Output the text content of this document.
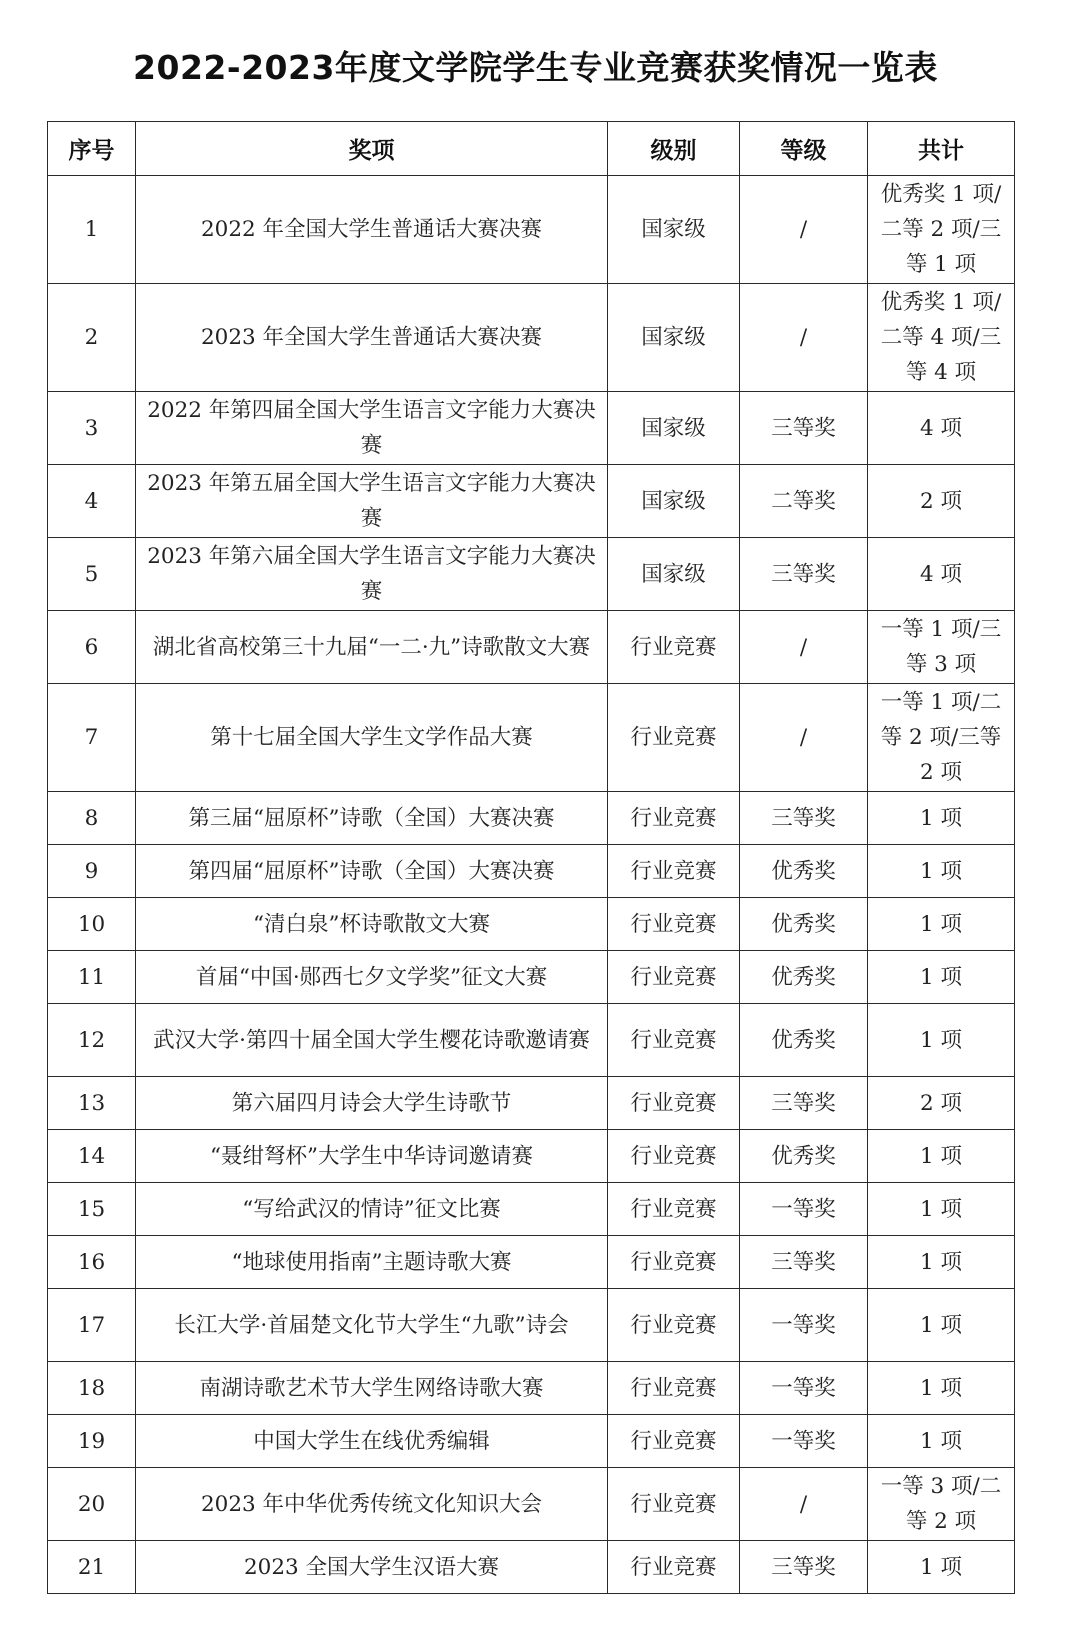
2022-2023年度文学院学生专业竞赛获奖情况一览表
序号	奖项	级别	等级	共计
1	2022 年全国大学生普通话大赛决赛	国家级	/	优秀奖 1 项/二等 2 项/三等 1 项
2	2023 年全国大学生普通话大赛决赛	国家级	/	优秀奖 1 项/二等 4 项/三等 4 项
3	2022 年第四届全国大学生语言文字能力大赛决赛	国家级	三等奖	4 项
4	2023 年第五届全国大学生语言文字能力大赛决赛	国家级	二等奖	2 项
5	2023 年第六届全国大学生语言文字能力大赛决赛	国家级	三等奖	4 项
6	湖北省高校第三十九届“一二·九”诗歌散文大赛	行业竞赛	/	一等 1 项/三等 3 项
7	第十七届全国大学生文学作品大赛	行业竞赛	/	一等 1 项/二等 2 项/三等 2 项
8	第三届“屈原杯”诗歌（全国）大赛决赛	行业竞赛	三等奖	1 项
9	第四届“屈原杯”诗歌（全国）大赛决赛	行业竞赛	优秀奖	1 项
10	“清白泉”杯诗歌散文大赛	行业竞赛	优秀奖	1 项
11	首届“中国·郧西七夕文学奖”征文大赛	行业竞赛	优秀奖	1 项
12	武汉大学·第四十届全国大学生樱花诗歌邀请赛	行业竞赛	优秀奖	1 项
13	第六届四月诗会大学生诗歌节	行业竞赛	三等奖	2 项
14	“聂绀弩杯”大学生中华诗词邀请赛	行业竞赛	优秀奖	1 项
15	“写给武汉的情诗”征文比赛	行业竞赛	一等奖	1 项
16	“地球使用指南”主题诗歌大赛	行业竞赛	三等奖	1 项
17	长江大学·首届楚文化节大学生“九歌”诗会	行业竞赛	一等奖	1 项
18	南湖诗歌艺术节大学生网络诗歌大赛	行业竞赛	一等奖	1 项
19	中国大学生在线优秀编辑	行业竞赛	一等奖	1 项
20	2023 年中华优秀传统文化知识大会	行业竞赛	/	一等 3 项/二等 2 项
21	2023 全国大学生汉语大赛	行业竞赛	三等奖	1 项
